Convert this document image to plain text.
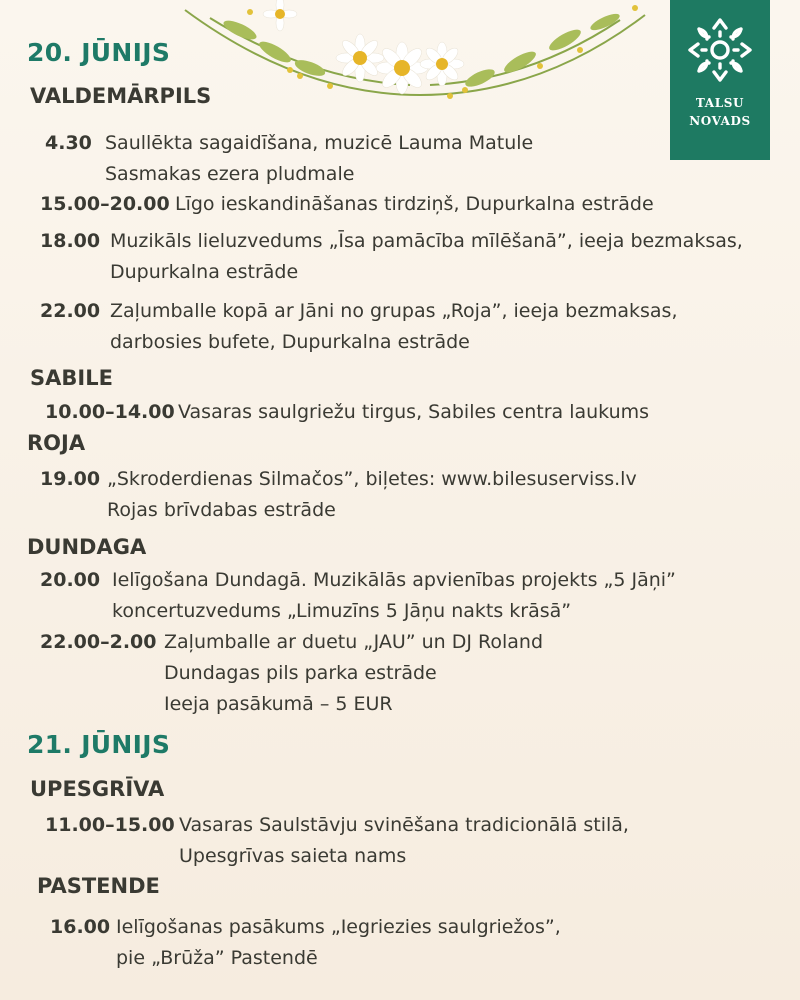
TALSU
NOVADS
20. JŪNIJS
VALDEMĀRPILS
4.30 Saullēkta sagaidīšana, muzicē Lauma Matule
Sasmakas ezera pludmale
15.00–20.00 Līgo ieskandināšanas tirdziņš, Dupurkalna estrāde
18.00 Muzikāls lieluzvedums „Īsa pamācība mīlēšanā”, ieeja bezmaksas,
Dupurkalna estrāde
22.00 Zaļumballe kopā ar Jāni no grupas „Roja”, ieeja bezmaksas,
darbosies bufete, Dupurkalna estrāde
SABILE
10.00–14.00 Vasaras saulgriežu tirgus, Sabiles centra laukums
ROJA
19.00 „Skroderdienas Silmačos”, biļetes: www.bilesuserviss.lv
Rojas brīvdabas estrāde
DUNDAGA
20.00 Ielīgošana Dundagā. Muzikālās apvienības projekts „5 Jāņi”
koncertuzvedums „Limuzīns 5 Jāņu nakts krāsā”
22.00–2.00 Zaļumballe ar duetu „JAU” un DJ Roland
Dundagas pils parka estrāde
Ieeja pasākumā – 5 EUR
21. JŪNIJS
UPESGRĪVA
11.00–15.00 Vasaras Saulstāvju svinēšana tradicionālā stilā,
Upesgrīvas saieta nams
PASTENDE
16.00 Ielīgošanas pasākums „Iegriezies saulgriežos”,
pie „Brūža” Pastendē
